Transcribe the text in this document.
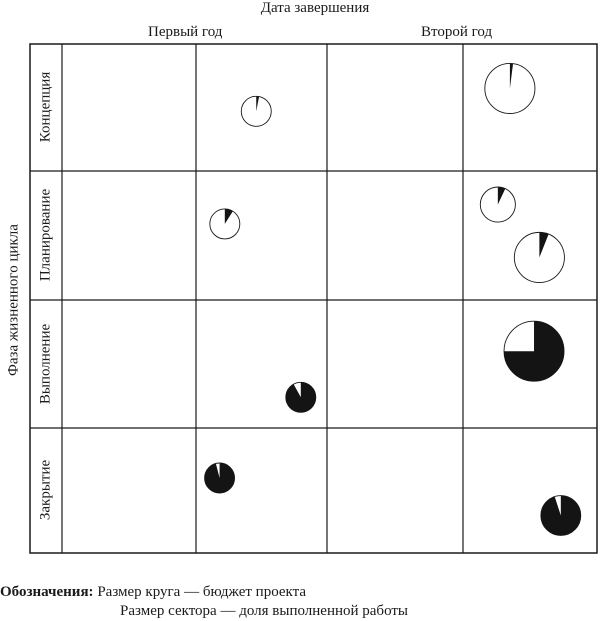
Дата завершения
Первый год	Второй год
Фаза жизненного цикла
Концепция
Планирование
Выполнение
Закрытие
Обозначения: Размер круга — бюджет проекта
Размер сектора — доля выполненной работы
